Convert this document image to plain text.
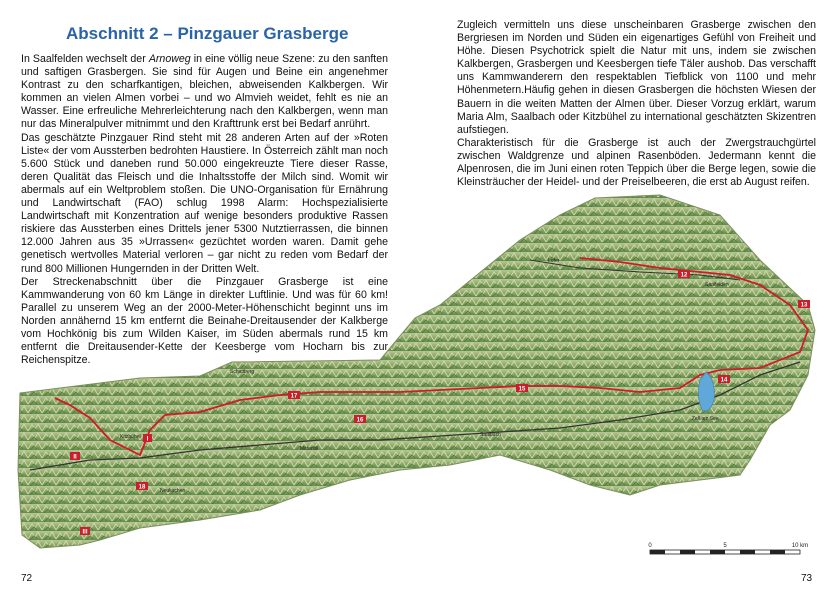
Abschnitt 2 – Pinzgauer Grasberge

In Saalfelden wechselt der Arnoweg in eine völlig neue Szene: zu den sanften und saftigen Grasbergen. Sie sind für Augen und Beine ein angenehmer Kontrast zu den scharfkantigen, bleichen, abweisenden Kalkbergen. Wir kommen an vielen Almen vorbei – und wo Almvieh weidet, fehlt es nie an Wasser. Eine erfreuliche Mehrerleichterung nach den Kalkbergen, wenn man nur das Mineralpulver mitnimmt und den Krafttrunk erst bei Bedarf anrührt.

Das geschätzte Pinzgauer Rind steht mit 28 anderen Arten auf der »Roten Liste« der vom Aussterben bedrohten Haustiere. In Österreich zählt man noch 5.600 Stück und daneben rund 50.000 eingekreuzte Tiere dieser Rasse, deren Qualität das Fleisch und die Inhaltsstoffe der Milch sind. Womit wir abermals auf ein Weltproblem stoßen. Die UNO-Organisation für Ernährung und Landwirtschaft (FAO) schlug 1998 Alarm: Hochspezialisierte Landwirtschaft mit Konzentration auf wenige besonders produktive Rassen riskiere das Aussterben eines Drittels jener 5300 Nutztierrassen, die binnen 12.000 Jahren aus 35 »Urrassen« gezüchtet worden waren. Damit gehe genetisch wertvolles Material verloren – gar nicht zu reden vom Bedarf der rund 800 Millionen Hungernden in der Dritten Welt.

Der Streckenabschnitt über die Pinzgauer Grasberge ist eine Kammwanderung von 60 km Länge in direkter Luftlinie. Und was für 60 km! Parallel zu unserem Weg an der 2000-Meter-Höhenschicht beginnt uns im Norden annähernd 15 km entfernt die Beinahe-Dreitausender der Kalkberge vom Hochkönig bis zum Wilden Kaiser, im Süden abermals rund 15 km entfernt die Dreitausender-Kette der Keesberge vom Hocharn bis zur Reichenspitze.

Zugleich vermitteln uns diese unscheinbaren Grasberge zwischen den Bergriesen im Norden und Süden ein eigenartiges Gefühl von Freiheit und Höhe. Diesen Psychotrick spielt die Natur mit uns, indem sie zwischen Kalkbergen, Grasbergen und Keesbergen tiefe Täler aushob. Das verschafft uns Kammwanderern den respektablen Tiefblick von 1100 und mehr Höhenmetern.Häufig gehen in diesen Grasbergen die höchsten Wiesen der Bauern in die weiten Matten der Almen über. Dieser Vorzug erklärt, warum Maria Alm, Saalbach oder Kitzbühel zu international geschätzten Skizentren aufstiegen.

Charakteristisch für die Grasberge ist auch der Zwergstrauchgürtel zwischen Waldgrenze und alpinen Rasenböden. Jedermann kennt die Alpenrosen, die im Juni einen roten Teppich über die Berge legen, sowie die Kleinsträucher der Heidel- und der Preiselbeeren, die erst ab August reifen.

Saalfelden
Lofer
Zell am See
Saalbach
Mittersill
Kitzbühel
Neukirchen
Schattberg
I
II
III
12
13
14
15
16
17
18
0	5	10 km
72	73
